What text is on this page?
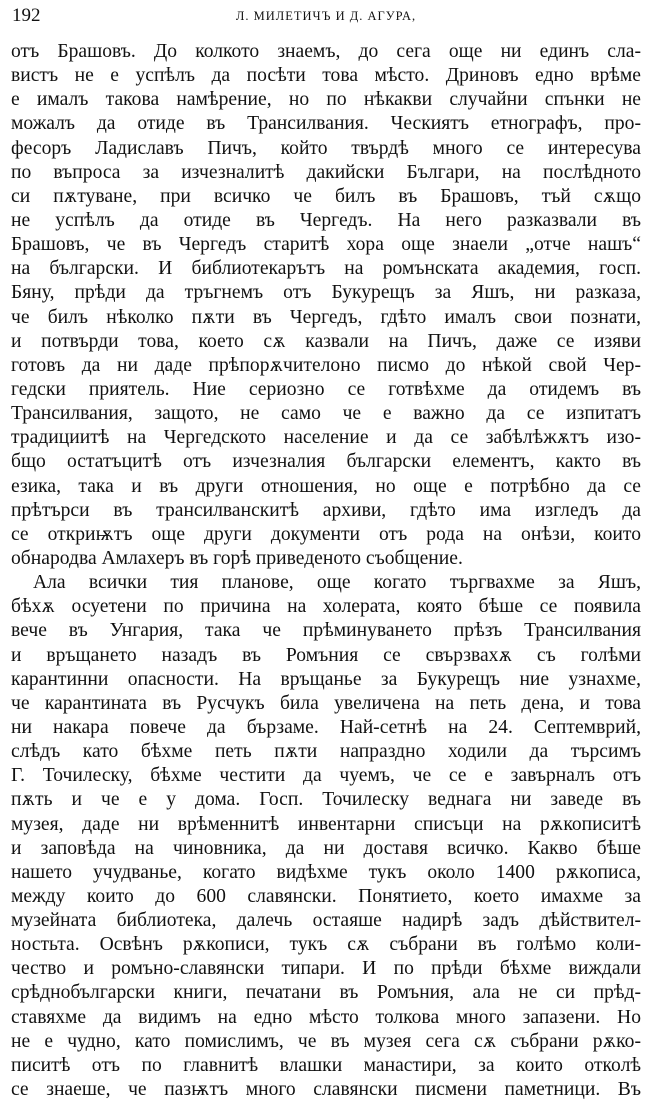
192	Л. МИЛЕТИЧЪ И Д. АГУРА,
отъ Брашовъ. До колкото знаемъ, до сега още ни единъ сла-
вистъ не е успѣлъ да посѣти това мѣсто. Дриновъ едно врѣме
е ималъ такова намѣрение, но по нѣкакви случайни спънки не
можалъ да отиде въ Трансилвания. Ческиятъ етнографъ, про-
фесоръ Ладиславъ Пичъ, който твърдѣ много се интересува
по въпроса за изчезналитѣ дакийски Българи, на послѣдното
си пѫтуване, при всичко че билъ въ Брашовъ, тъй сѫщо
не успѣлъ да отиде въ Чергедъ. На него разказвали въ
Брашовъ, че въ Чергедъ старитѣ хора още знаели „отче нашъ“
на български. И библиотекарътъ на ромънската академия, госп.
Бяну, прѣди да тръгнемъ отъ Букурещъ за Яшъ, ни разказа,
че билъ нѣколко пѫти въ Чергедъ, гдѣто ималъ свои познати,
и потвърди това, което сѫ казвали на Пичъ, даже се изяви
готовъ да ни даде прѣпорѫчителоно писмо до нѣкой свой Чер-
гедски приятель. Ние сериозно се готвѣхме да отидемъ въ
Трансилвания, защото, не само че е важно да се изпитатъ
традициитѣ на Чергедското население и да се забѣлѣжѫтъ изо-
бщо остатъцитѣ отъ изчезналия български елементъ, както въ
езика, така и въ други отношения, но още е потрѣбно да се
прѣтърси въ трансилванскитѣ архиви, гдѣто има изгледъ да
се откриѭтъ още други документи отъ рода на онѣзи, които
обнародва Амлахеръ въ горѣ приведеното съобщение.
Ала всички тия планове, още когато търгвахме за Яшъ,
бѣхѫ осуетени по причина на холерата, която бѣше се появила
вече въ Унгария, така че прѣминуването прѣзъ Трансилвания
и връщането назадъ въ Ромъния се свързвахѫ съ голѣми
карантинни опасности. На връщанье за Букурещъ ние узнахме,
че карантината въ Русчукъ била увеличена на петь дена, и това
ни накара повече да бързаме. Най-сетнѣ на 24. Септемврий,
слѣдъ като бѣхме петь пѫти напраздно ходили да търсимъ
Г. Точилеску, бѣхме честити да чуемъ, че се е завърналъ отъ
пѫть и че е у дома. Госп. Точилеску веднага ни заведе въ
музея, даде ни врѣменнитѣ инвентарни списъци на рѫкописитѣ
и заповѣда на чиновника, да ни доставя всичко. Какво бѣше
нашето учудванье, когато видѣхме тукъ около 1400 рѫкописа,
между които до 600 славянски. Понятието, което имахме за
музейната библиотека, далечь остаяше надирѣ задъ дѣйствител-
ностьта. Освѣнъ рѫкописи, тукъ сѫ събрани въ голѣмо коли-
чество и ромъно-славянски типари. И по прѣди бѣхме виждали
срѣднобългарски книги, печатани въ Ромъния, ала не си прѣд-
ставяхме да видимъ на едно мѣсто толкова много запазени. Но
не е чудно, като помислимъ, че въ музея сега сѫ събрани рѫко-
писитѣ отъ по главнитѣ влашки манастири, за които отколѣ
се знаеше, че пазѭтъ много славянски писмени паметници. Въ
